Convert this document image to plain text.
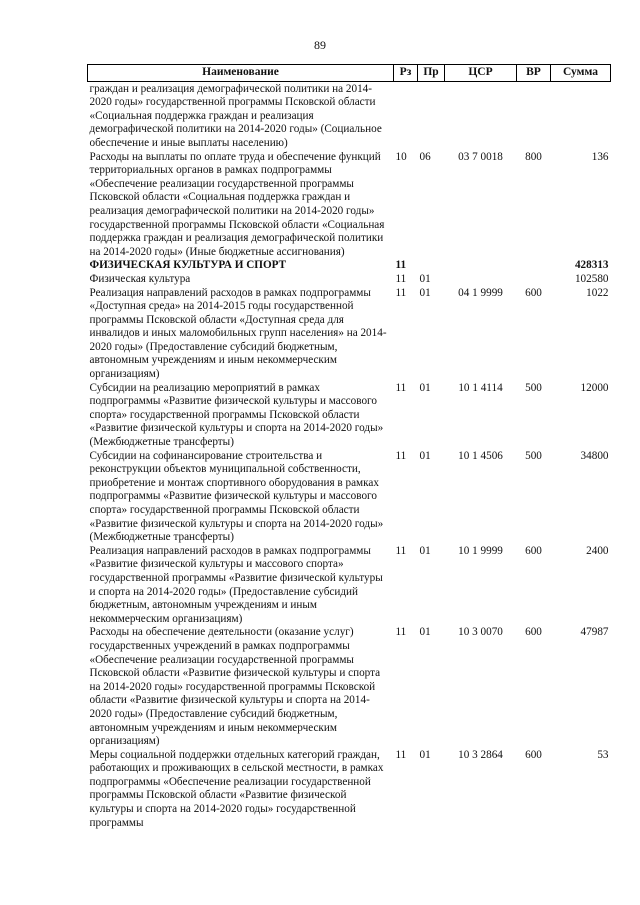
89
Наименование	Рз	Пр	ЦСР	ВР	Сумма
граждан и реализация демографической политики на 2014-2020 годы» государственной программы Псковской области «Социальная поддержка граждан и реализация демографической политики на 2014-2020 годы» (Социальное обеспечение и иные выплаты населению)					
Расходы на выплаты по оплате труда и обеспечение функций территориальных органов в рамках подпрограммы «Обеспечение реализации государственной программы Псковской области «Социальная поддержка граждан и реализация демографической политики на 2014-2020 годы» государственной программы Псковской области «Социальная поддержка граждан и реализация демографической политики на 2014-2020 годы» (Иные бюджетные ассигнования)	10	06	03 7 0018	800	136
ФИЗИЧЕСКАЯ КУЛЬТУРА И СПОРТ	11				428313
Физическая культура	11	01			102580
Реализация направлений расходов в рамках подпрограммы «Доступная среда» на 2014-2015 годы государственной программы Псковской области «Доступная среда для инвалидов и иных маломобильных групп населения» на 2014-2020 годы» (Предоставление субсидий бюджетным, автономным учреждениям и иным некоммерческим организациям)	11	01	04 1 9999	600	1022
Субсидии на реализацию мероприятий в рамках подпрограммы «Развитие физической культуры и массового спорта» государственной программы Псковской области «Развитие физической культуры и спорта на 2014-2020 годы» (Межбюджетные трансферты)	11	01	10 1 4114	500	12000
Субсидии на софинансирование строительства и реконструкции объектов муниципальной собственности, приобретение и монтаж спортивного оборудования в рамках подпрограммы «Развитие физической культуры и массового спорта» государственной программы Псковской области «Развитие физической культуры и спорта на 2014-2020 годы» (Межбюджетные трансферты)	11	01	10 1 4506	500	34800
Реализация направлений расходов в рамках подпрограммы «Развитие физической культуры и массового спорта» государственной программы «Развитие физической культуры и спорта на 2014-2020 годы» (Предоставление субсидий бюджетным, автономным учреждениям и иным некоммерческим организациям)	11	01	10 1 9999	600	2400
Расходы на обеспечение деятельности (оказание услуг) государственных учреждений в рамках подпрограммы «Обеспечение реализации государственной программы Псковской области «Развитие физической культуры и спорта на 2014-2020 годы» государственной программы Псковской области «Развитие физической культуры и спорта на 2014-2020 годы» (Предоставление субсидий бюджетным, автономным учреждениям и иным некоммерческим организациям)	11	01	10 3 0070	600	47987
Меры социальной поддержки отдельных категорий граждан, работающих и проживающих в сельской местности, в рамках подпрограммы «Обеспечение реализации государственной программы Псковской области «Развитие физической культуры и спорта на 2014-2020 годы» государственной программы	11	01	10 3 2864	600	53
